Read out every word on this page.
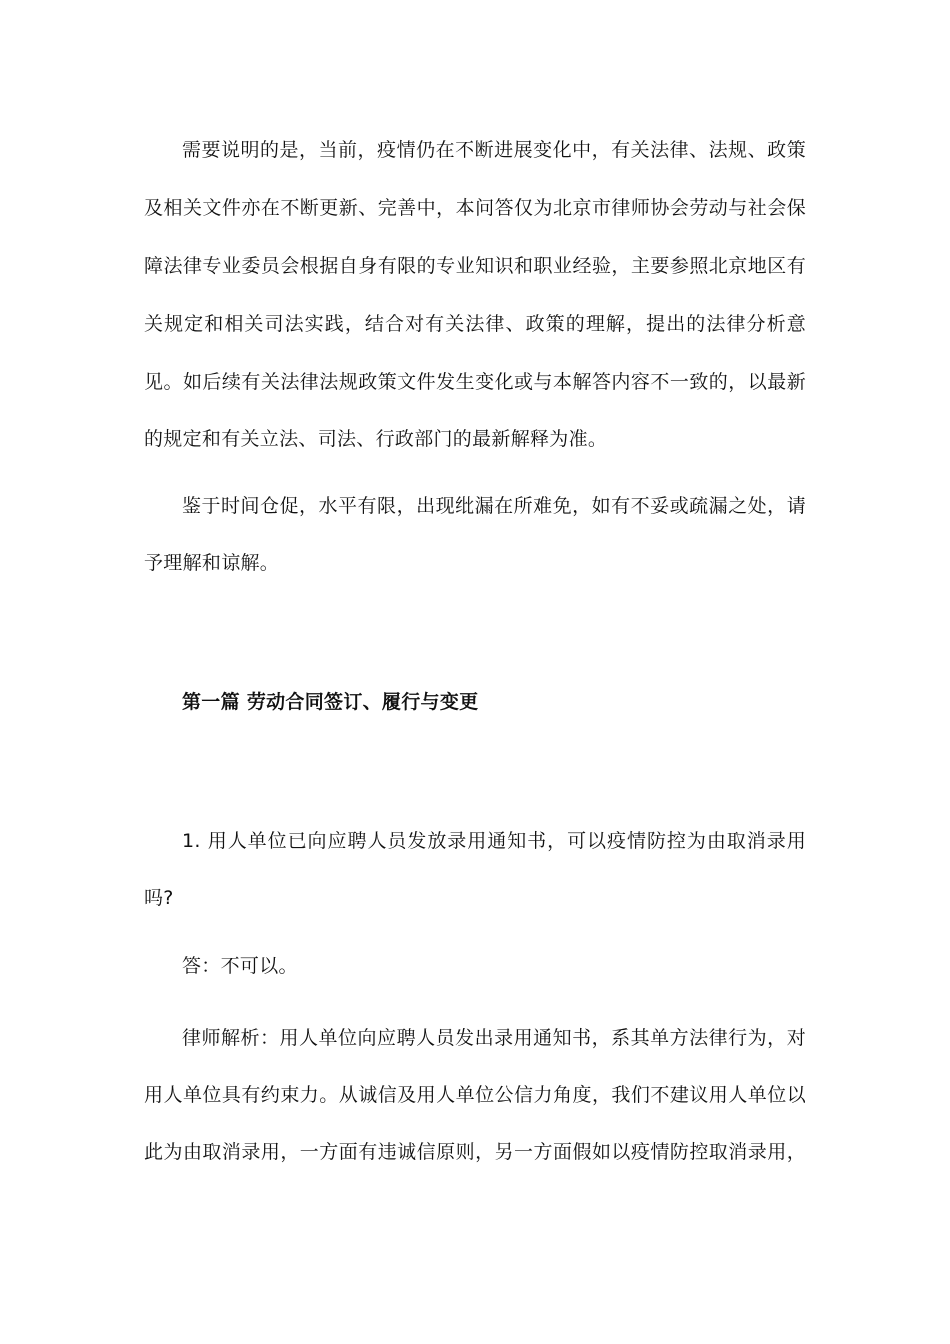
需要说明的是，当前，疫情仍在不断进展变化中，有关法律、法规、政策
及相关文件亦在不断更新、完善中，本问答仅为北京市律师协会劳动与社会保
障法律专业委员会根据自身有限的专业知识和职业经验，主要参照北京地区有
关规定和相关司法实践，结合对有关法律、政策的理解，提出的法律分析意
见。如后续有关法律法规政策文件发生变化或与本解答内容不一致的，以最新
的规定和有关立法、司法、行政部门的最新解释为准。
鉴于时间仓促，水平有限，出现纰漏在所难免，如有不妥或疏漏之处，请
予理解和谅解。
第一篇 劳动合同签订、履行与变更
1. 用人单位已向应聘人员发放录用通知书，可以疫情防控为由取消录用
吗?
答：不可以。
律师解析：用人单位向应聘人员发出录用通知书，系其单方法律行为，对
用人单位具有约束力。从诚信及用人单位公信力角度，我们不建议用人单位以
此为由取消录用，一方面有违诚信原则，另一方面假如以疫情防控取消录用，
